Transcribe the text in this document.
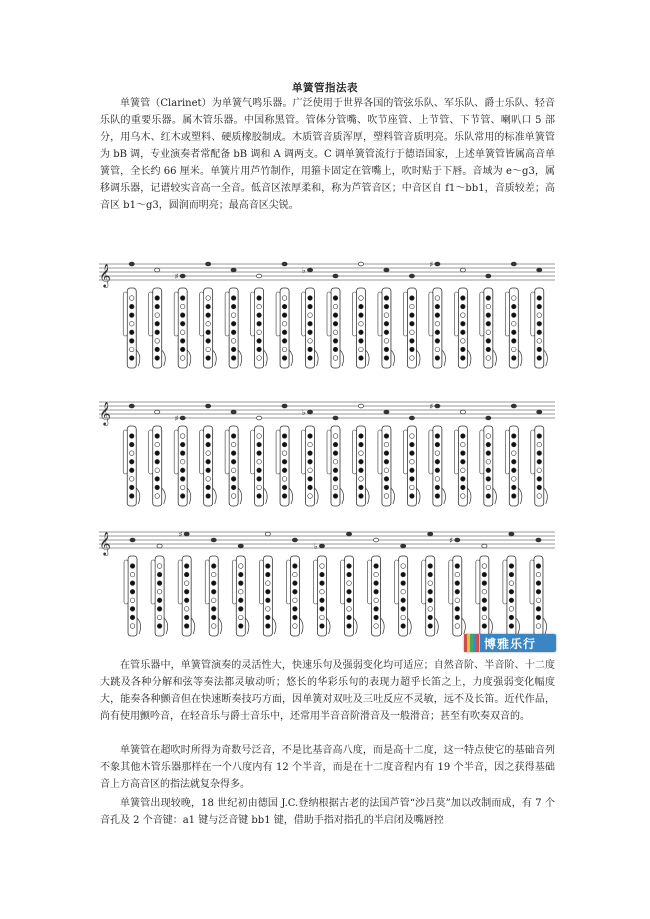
单簧管指法表

单簧管（Clarinet）为单簧气鸣乐器。广泛使用于世界各国的管弦乐队、军乐队、爵士乐队、轻音乐队的重要乐器。属木管乐器。中国称黑管。管体分管嘴、吹节座管、上节管、下节管、喇叭口 5 部分，用乌木、红木或塑料、硬质橡胶制成。木质管音质浑厚，塑料管音质明亮。乐队常用的标准单簧管为 bB 调，专业演奏者常配备 bB 调和 A 调两支。C 调单簧管流行于德语国家，上述单簧管皆属高音单簧管，全长约 66 厘米。单簧片用芦竹制作，用箍卡固定在管嘴上，吹时贴于下唇。音域为 e～g3，属移调乐器，记谱较实音高一全音。低音区浓厚柔和，称为芦管音区；中音区自 f1～bb1，音质较差；高音区 b1～g3，圆润而明亮；最高音区尖锐。

𝄞	♯
♭
♯
𝄞	♯
♭
♯
𝄞	♯
♭
♯
博雅乐行

在管乐器中，单簧管演奏的灵活性大，快速乐句及强弱变化均可适应；自然音阶、半音阶、十二度大跳及各种分解和弦等奏法都灵敏动听；悠长的华彩乐句的表现力超乎长笛之上，力度强弱变化幅度大，能奏各种颤音但在快速断奏技巧方面，因单簧对双吐及三吐反应不灵敏，远不及长笛。近代作品，尚有使用颤吟音，在轻音乐与爵士音乐中，还常用半音音阶滑音及一般滑音；甚至有吹奏双音的。

单簧管在超吹时所得为奇数号泛音，不是比基音高八度，而是高十二度，这一特点使它的基础音列不象其他木管乐器那样在一个八度内有 12 个半音，而是在十二度音程内有 19 个半音，因之获得基础音上方高音区的指法就复杂得多。

单簧管出现较晚，18 世纪初由德国 J.C.登纳根据古老的法国芦管“沙吕莫”加以改制而成，有 7 个音孔及 2 个音键：a1 键与泛音键 bb1 键，借助手指对指孔的半启闭及嘴唇控
